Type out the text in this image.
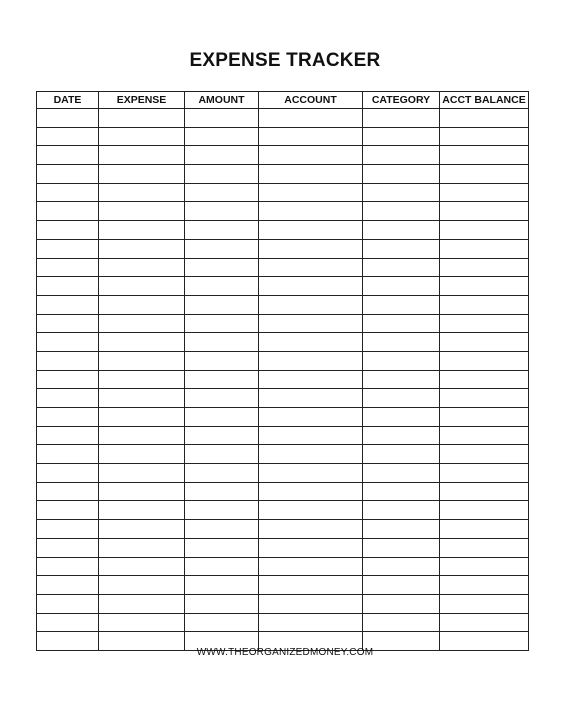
EXPENSE TRACKER
DATE	EXPENSE	AMOUNT	ACCOUNT	CATEGORY	ACCT BALANCE

WWW.THEORGANIZEDMONEY.COM
